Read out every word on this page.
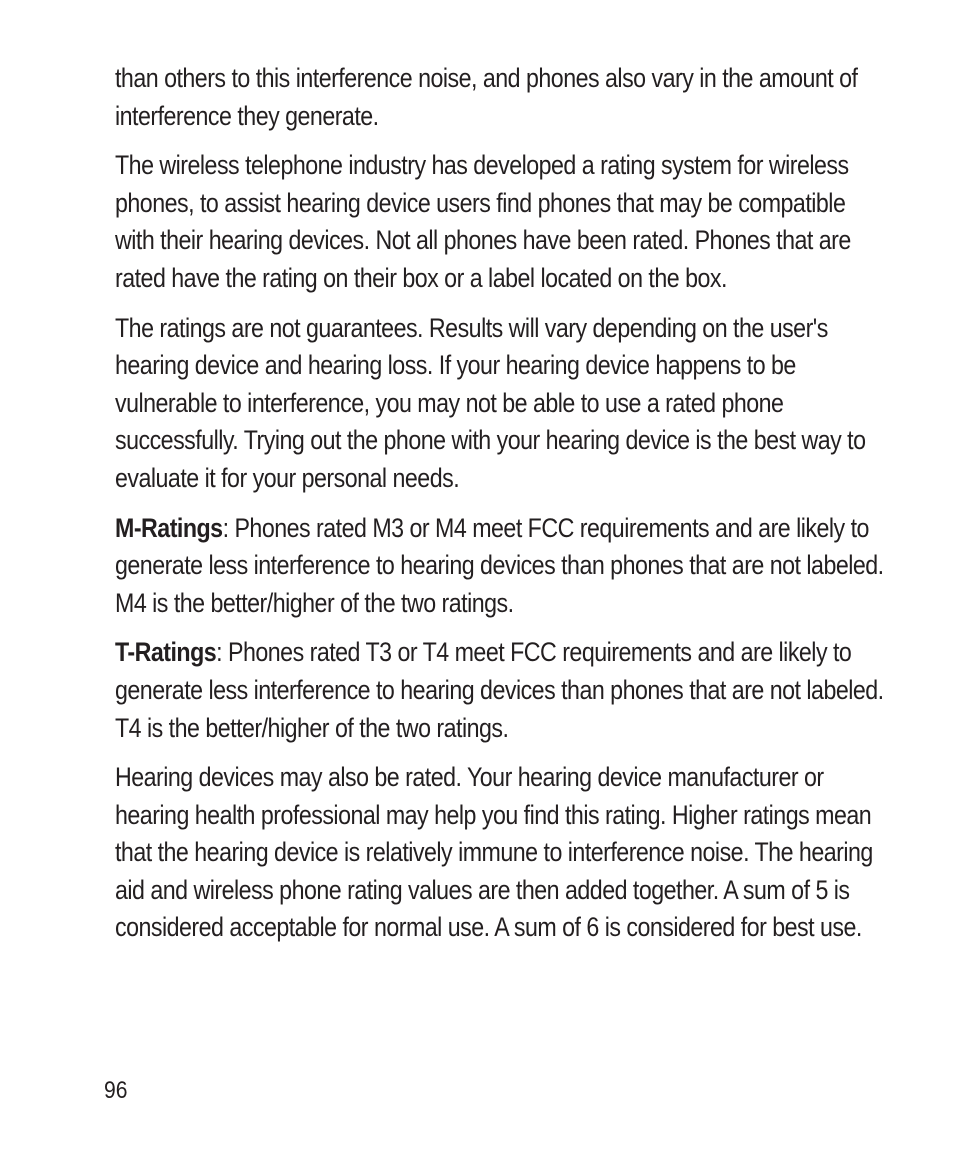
than others to this interference noise, and phones also vary in the amount of interference they generate.

The wireless telephone industry has developed a rating system for wireless phones, to assist hearing device users find phones that may be compatible with their hearing devices. Not all phones have been rated. Phones that are rated have the rating on their box or a label located on the box.

The ratings are not guarantees. Results will vary depending on the user's hearing device and hearing loss. If your hearing device happens to be vulnerable to interference, you may not be able to use a rated phone successfully. Trying out the phone with your hearing device is the best way to evaluate it for your personal needs.

M-Ratings: Phones rated M3 or M4 meet FCC requirements and are likely to generate less interference to hearing devices than phones that are not labeled. M4 is the better/higher of the two ratings.

T-Ratings: Phones rated T3 or T4 meet FCC requirements and are likely to generate less interference to hearing devices than phones that are not labeled. T4 is the better/higher of the two ratings.

Hearing devices may also be rated. Your hearing device manufacturer or hearing health professional may help you find this rating. Higher ratings mean that the hearing device is relatively immune to interference noise. The hearing aid and wireless phone rating values are then added together. A sum of 5 is considered acceptable for normal use. A sum of 6 is considered for best use.

96
